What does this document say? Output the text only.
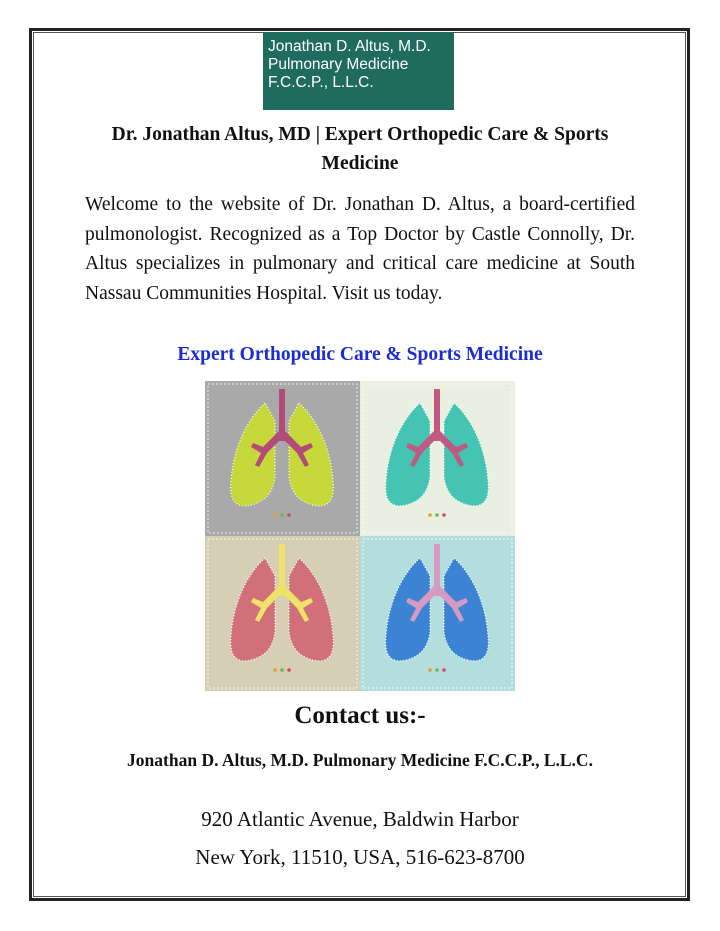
Jonathan D. Altus, M.D.
Pulmonary Medicine
F.C.C.P., L.L.C.
Dr. Jonathan Altus, MD | Expert Orthopedic Care & Sports Medicine
Welcome to the website of Dr. Jonathan D. Altus, a board-certified pulmonologist. Recognized as a Top Doctor by Castle Connolly, Dr. Altus specializes in pulmonary and critical care medicine at South Nassau Communities Hospital. Visit us today.
Expert Orthopedic Care & Sports Medicine
Contact us:-
Jonathan D. Altus, M.D. Pulmonary Medicine F.C.C.P., L.L.C.
920 Atlantic Avenue, Baldwin Harbor
New York, 11510, USA, 516-623-8700
